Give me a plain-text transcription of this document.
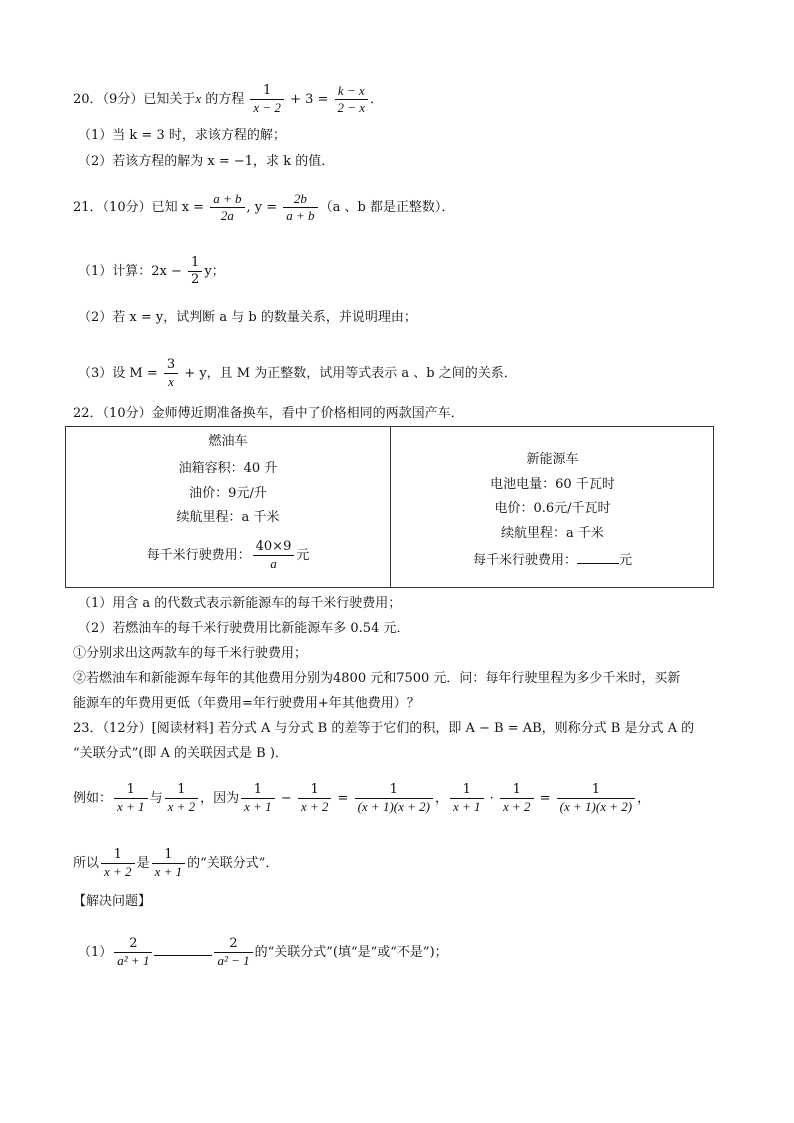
20．（9分）已知关于x 的方程 $\frac{1}{x - 2} + 3 = \frac{k - x}{2 - x}$ ．
（1）当 k = 3 时，求该方程的解；
（2）若该方程的解为 x = −1，求 k 的值．
21．（10分）已知 $x = \frac{a + b}{2a}$ , $y = \frac{2b}{a + b} (a$ 、b 都是正整数）．
（1）计算：$2x - \frac{1}{2}$ y；
（2）若 x = y，试判断 a 与 b 的数量关系，并说明理由；
（3）设 $M = \frac{3}{x} + y$，且 M 为正整数，试用等式表示 a 、b 之间的关系．
22．（10分）金师傅近期准备换车，看中了价格相同的两款国产车．
燃油车
油箱容积：40 升
油价：9元/升
续航里程：a 千米
每千米行驶费用： $\frac{40\times 9}{a}$ 元
新能源车
电池电量：60 千瓦时
电价：0.6元/千瓦时
续航里程：a 千米
每千米行驶费用：	元
（1）用含 a 的代数式表示新能源车的每千米行驶费用；
（2）若燃油车的每千米行驶费用比新能源车多 0.54 元．
①分别求出这两款车的每千米行驶费用；
②若燃油车和新能源车每年的其他费用分别为4800 元和7500 元．问：每年行驶里程为多少千米时，买新
能源车的年费用更低（年费用=年行驶费用+年其他费用）？
23．（12分）[阅读材料] 若分式 A 与分式 B 的差等于它们的积，即 A − B = AB，则称分式 B 是分式 A 的
“关联分式”(即 A 的关联因式是 B )．
例如： $\frac{1}{x + 1}$ 与 $\frac{1}{x + 2}$ ，因为 $\frac{1}{x + 1} - \frac{1}{x + 2} = \frac{1}{(x + 1)(x + 2)}$ ， $\frac{1}{x + 1} \cdot \frac{1}{x + 2} = \frac{1}{(x + 1)(x + 2)}$ ，
所以 $\frac{1}{x + 2}$ 是 $\frac{1}{x + 1}$ 的“关联分式”．
【解决问题】
$(1) \frac{2}{\text{a² + 1}}$	$\frac{2}{\text{a² − 1}}$ 的“关联分式”(填“是”或“不是”)；
